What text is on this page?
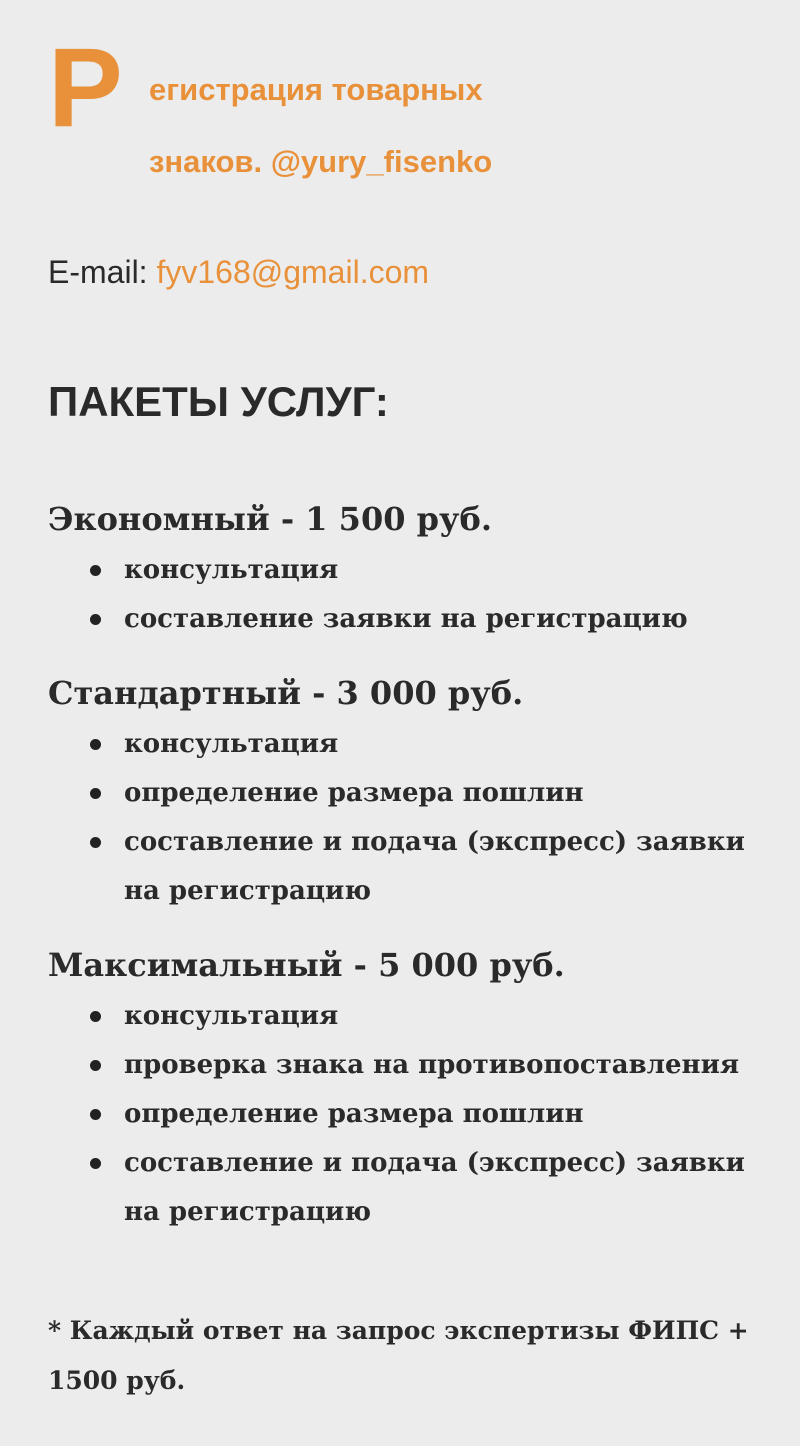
Р егистрация товарных
знаков. @yury_fisenko
E-mail: fyv168@gmail.com
ПАКЕТЫ УСЛУГ:
Экономный - 1 500 руб.
консультация
составление заявки на регистрацию
Стандартный - 3 000 руб.
консультация
определение размера пошлин
составление и подача (экспресс) заявки на регистрацию
Максимальный - 5 000 руб.
консультация
проверка знака на противопоставления
определение размера пошлин
составление и подача (экспресс) заявки на регистрацию
* Каждый ответ на запрос экспертизы ФИПС +
1500 руб.
